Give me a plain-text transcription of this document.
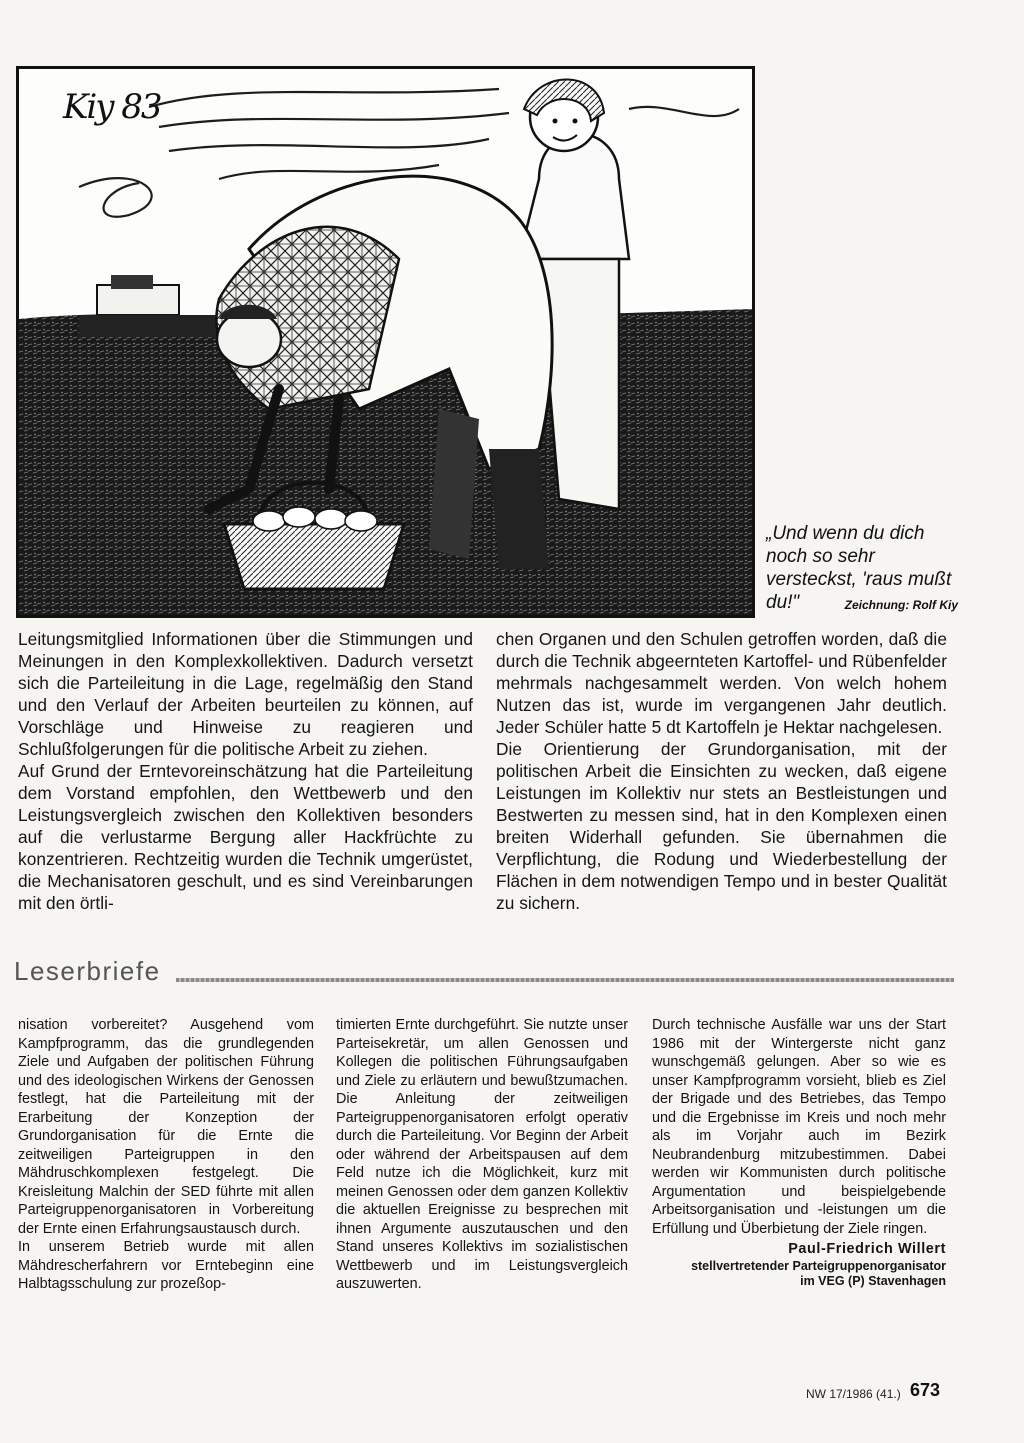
Kiy 83

„Und wenn du dich noch so sehr versteckst, 'raus mußt du!"	Zeichnung: Rolf Kiy

Leitungsmitglied Informationen über die Stimmungen und Meinungen in den Komplexkollektiven. Dadurch versetzt sich die Parteileitung in die Lage, regelmäßig den Stand und den Verlauf der Arbeiten beurteilen zu können, auf Vorschläge und Hinweise zu reagieren und Schlußfolgerungen für die politische Arbeit zu ziehen.

Auf Grund der Erntevoreinschätzung hat die Parteileitung dem Vorstand empfohlen, den Wettbewerb und den Leistungsvergleich zwischen den Kollektiven besonders auf die verlustarme Bergung aller Hackfrüchte zu konzentrieren. Rechtzeitig wurden die Technik umgerüstet, die Mechanisatoren geschult, und es sind Vereinbarungen mit den örtli-

chen Organen und den Schulen getroffen worden, daß die durch die Technik abgeernteten Kartoffel- und Rübenfelder mehrmals nachgesammelt werden. Von welch hohem Nutzen das ist, wurde im vergangenen Jahr deutlich. Jeder Schüler hatte 5 dt Kartoffeln je Hektar nachgelesen.

Die Orientierung der Grundorganisation, mit der politischen Arbeit die Einsichten zu wecken, daß eigene Leistungen im Kollektiv nur stets an Bestleistungen und Bestwerten zu messen sind, hat in den Komplexen einen breiten Widerhall gefunden. Sie übernahmen die Verpflichtung, die Rodung und Wiederbestellung der Flächen in dem notwendigen Tempo und in bester Qualität zu sichern.

Leserbriefe

nisation vorbereitet? Ausgehend vom Kampfprogramm, das die grundlegenden Ziele und Aufgaben der politischen Führung und des ideologischen Wirkens der Genossen festlegt, hat die Parteileitung mit der Erarbeitung der Konzeption der Grundorganisation für die Ernte die zeitweiligen Parteigruppen in den Mähdruschkomplexen festgelegt. Die Kreisleitung Malchin der SED führte mit allen Parteigruppenorganisatoren in Vorbereitung der Ernte einen Erfahrungsaustausch durch.

In unserem Betrieb wurde mit allen Mähdrescherfahrern vor Erntebeginn eine Halbtagsschulung zur prozeßop-

timierten Ernte durchgeführt. Sie nutzte unser Parteisekretär, um allen Genossen und Kollegen die politischen Führungsaufgaben und Ziele zu erläutern und bewußtzumachen. Die Anleitung der zeitweiligen Parteigruppenorganisatoren erfolgt operativ durch die Parteileitung. Vor Beginn der Arbeit oder während der Arbeitspausen auf dem Feld nutze ich die Möglichkeit, kurz mit meinen Genossen oder dem ganzen Kollektiv die aktuellen Ereignisse zu besprechen mit ihnen Argumente auszutauschen und den Stand unseres Kollektivs im sozialistischen Wettbewerb und im Leistungsvergleich auszuwerten.

Durch technische Ausfälle war uns der Start 1986 mit der Wintergerste nicht ganz wunschgemäß gelungen. Aber so wie es unser Kampfprogramm vorsieht, blieb es Ziel der Brigade und des Betriebes, das Tempo und die Ergebnisse im Kreis und noch mehr als im Vorjahr auch im Bezirk Neubrandenburg mitzubestimmen. Dabei werden wir Kommunisten durch politische Argumentation und beispielgebende Arbeitsorganisation und -leistungen um die Erfüllung und Überbietung der Ziele ringen.

Paul-Friedrich Willert

stellvertretender Parteigruppenorganisator

im VEG (P) Stavenhagen

NW 17/1986 (41.) 673
